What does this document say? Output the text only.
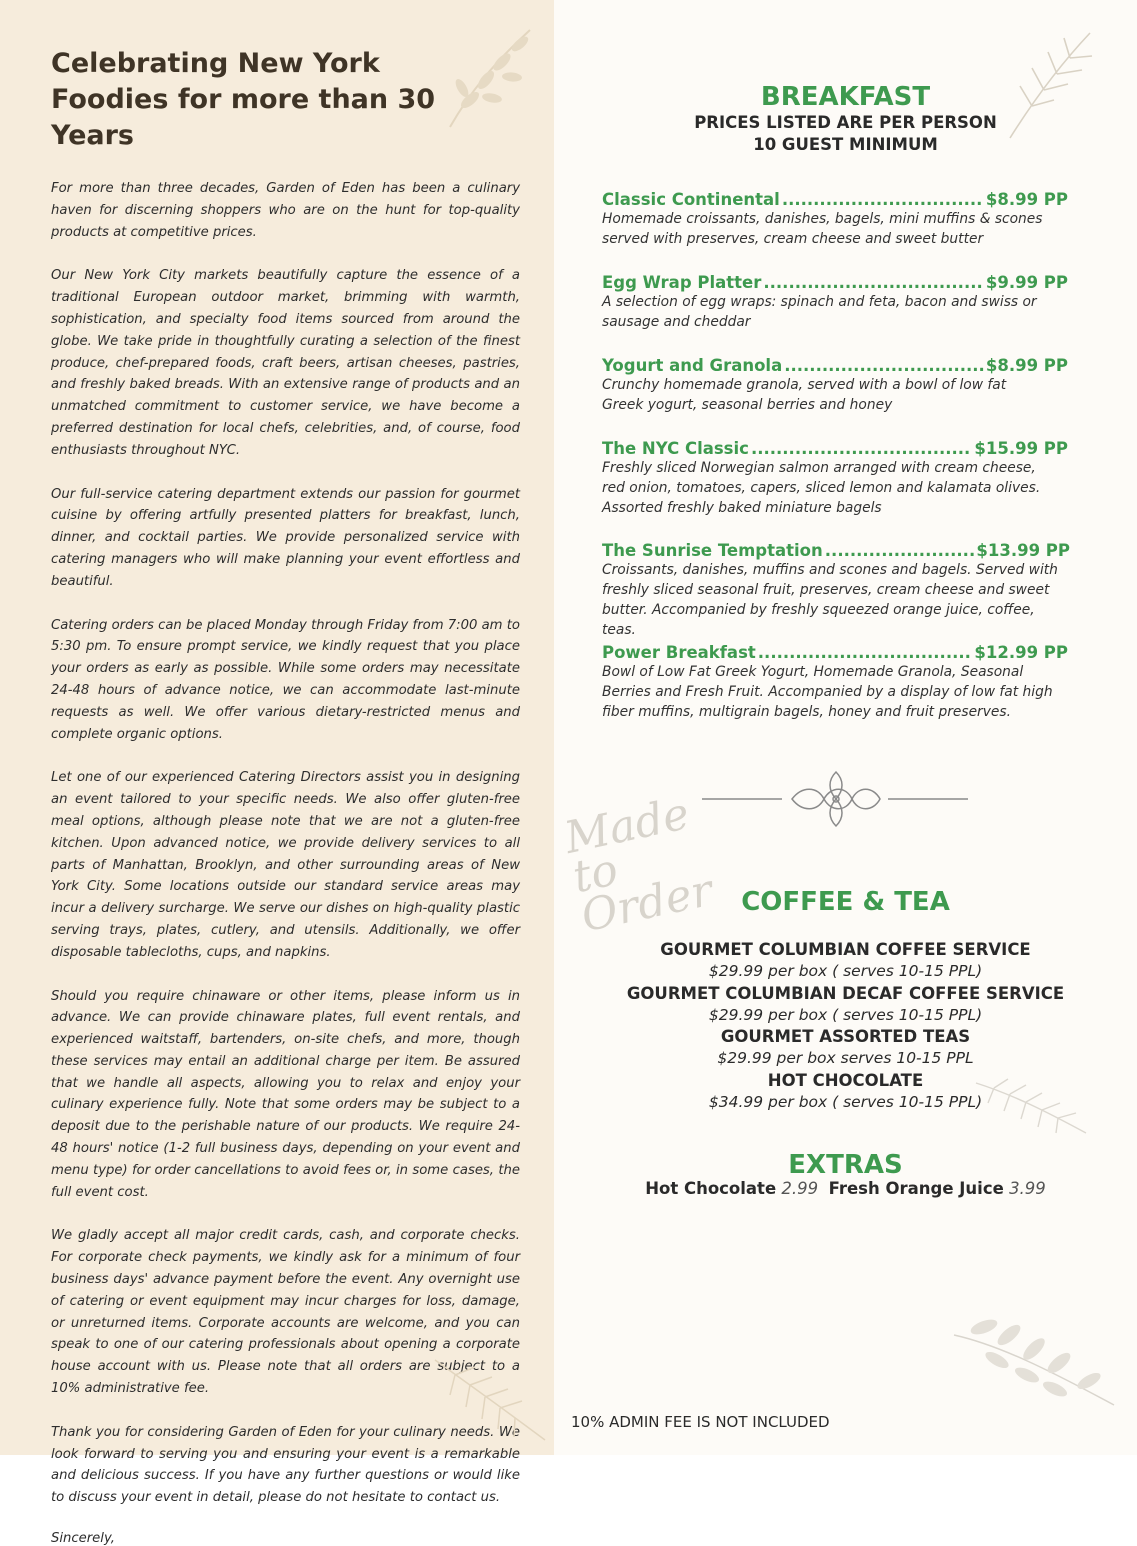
Celebrating New York
Foodies for more than 30 Years

For more than three decades, Garden of Eden has been a culinary haven for discerning shoppers who are on the hunt for top-quality products at competitive prices.

Our New York City markets beautifully capture the essence of a traditional European outdoor market, brimming with warmth, sophistication, and specialty food items sourced from around the globe. We take pride in thoughtfully curating a selection of the finest produce, chef-prepared foods, craft beers, artisan cheeses, pastries, and freshly baked breads. With an extensive range of products and an unmatched commitment to customer service, we have become a preferred destination for local chefs, celebrities, and, of course, food enthusiasts throughout NYC.

Our full-service catering department extends our passion for gourmet cuisine by offering artfully presented platters for breakfast, lunch, dinner, and cocktail parties. We provide personalized service with catering managers who will make planning your event effortless and beautiful.

Catering orders can be placed Monday through Friday from 7:00 am to 5:30 pm. To ensure prompt service, we kindly request that you place your orders as early as possible. While some orders may necessitate 24-48 hours of advance notice, we can accommodate last-minute requests as well. We offer various dietary-restricted menus and complete organic options.

Let one of our experienced Catering Directors assist you in designing an event tailored to your specific needs. We also offer gluten-free meal options, although please note that we are not a gluten-free kitchen. Upon advanced notice, we provide delivery services to all parts of Manhattan, Brooklyn, and other surrounding areas of New York City. Some locations outside our standard service areas may incur a delivery surcharge. We serve our dishes on high-quality plastic serving trays, plates, cutlery, and utensils. Additionally, we offer disposable tablecloths, cups, and napkins.

Should you require chinaware or other items, please inform us in advance. We can provide chinaware plates, full event rentals, and experienced waitstaff, bartenders, on-site chefs, and more, though these services may entail an additional charge per item. Be assured that we handle all aspects, allowing you to relax and enjoy your culinary experience fully. Note that some orders may be subject to a deposit due to the perishable nature of our products. We require 24-48 hours' notice (1-2 full business days, depending on your event and menu type) for order cancellations to avoid fees or, in some cases, the full event cost.

We gladly accept all major credit cards, cash, and corporate checks. For corporate check payments, we kindly ask for a minimum of four business days' advance payment before the event. Any overnight use of catering or event equipment may incur charges for loss, damage, or unreturned items. Corporate accounts are welcome, and you can speak to one of our catering professionals about opening a corporate house account with us. Please note that all orders are subject to a 10% administrative fee.

Thank you for considering Garden of Eden for your culinary needs. We look forward to serving you and ensuring your event is a remarkable and delicious success. If you have any further questions or would like to discuss your event in detail, please do not hesitate to contact us.

Sincerely,
BREAKFAST
PRICES LISTED ARE PER PERSON
10 GUEST MINIMUM
Classic Continental .....	$8.99 PP
Homemade croissants, danishes, bagels, mini muffins & scones
served with preserves, cream cheese and sweet butter
Egg Wrap Platter .....	$9.99 PP
A selection of egg wraps: spinach and feta, bacon and swiss or
sausage and cheddar
Yogurt and Granola .....	$8.99 PP
Crunchy homemade granola, served with a bowl of low fat
Greek yogurt, seasonal berries and honey
The NYC Classic .....	$15.99 PP
Freshly sliced Norwegian salmon arranged with cream cheese,
red onion, tomatoes, capers, sliced lemon and kalamata olives.
Assorted freshly baked miniature bagels
The Sunrise Temptation .....	$13.99 PP
Croissants, danishes, muffins and scones and bagels. Served with
freshly sliced seasonal fruit, preserves, cream cheese and sweet
butter. Accompanied by freshly squeezed orange juice, coffee, teas.
Power Breakfast .....	$12.99 PP
Bowl of Low Fat Greek Yogurt, Homemade Granola, Seasonal
Berries and Fresh Fruit. Accompanied by a display of low fat high
fiber muffins, multigrain bagels, honey and fruit preserves.
Made to Order COFFEE & TEA
GOURMET COLUMBIAN COFFEE SERVICE
$29.99 per box ( serves 10-15 PPL)
GOURMET COLUMBIAN DECAF COFFEE SERVICE
$29.99 per box ( serves 10-15 PPL)
GOURMET ASSORTED TEAS
$29.99 per box serves 10-15 PPL
HOT CHOCOLATE
$34.99 per box ( serves 10-15 PPL)
EXTRAS
Hot Chocolate 2.99 Fresh Orange Juice 3.99
10% ADMIN FEE IS NOT INCLUDED
